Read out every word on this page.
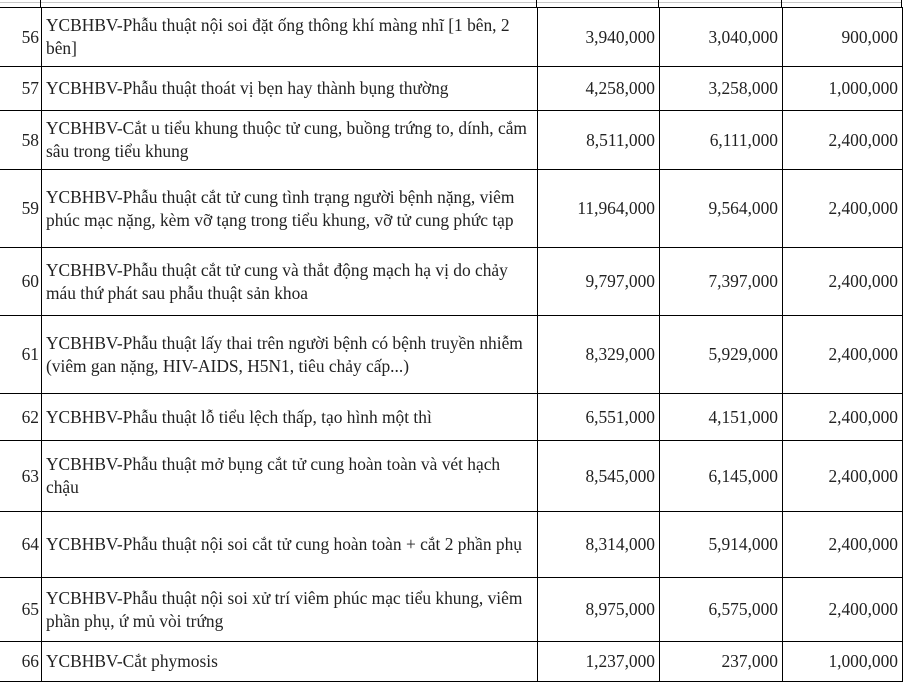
56	YCBHBV-Phẫu thuật nội soi đặt ống thông khí màng nhĩ [1 bên, 2 bên]	3,940,000	3,040,000	900,000
57	YCBHBV-Phẫu thuật thoát vị bẹn hay thành bụng thường	4,258,000	3,258,000	1,000,000
58	YCBHBV-Cắt u tiểu khung thuộc tử cung, buồng trứng to, dính, cắm sâu trong tiểu khung	8,511,000	6,111,000	2,400,000
59	YCBHBV-Phẫu thuật cắt tử cung tình trạng người bệnh nặng, viêm phúc mạc nặng, kèm vỡ tạng trong tiểu khung, vỡ tử cung phức tạp	11,964,000	9,564,000	2,400,000
60	YCBHBV-Phẫu thuật cắt tử cung và thắt động mạch hạ vị do chảy máu thứ phát sau phẫu thuật sản khoa	9,797,000	7,397,000	2,400,000
61	YCBHBV-Phẫu thuật lấy thai trên người bệnh có bệnh truyền nhiễm (viêm gan nặng, HIV-AIDS, H5N1, tiêu chảy cấp...)	8,329,000	5,929,000	2,400,000
62	YCBHBV-Phẫu thuật lỗ tiểu lệch thấp, tạo hình một thì	6,551,000	4,151,000	2,400,000
63	YCBHBV-Phẫu thuật mở bụng cắt tử cung hoàn toàn và vét hạch chậu	8,545,000	6,145,000	2,400,000
64	YCBHBV-Phẫu thuật nội soi cắt tử cung hoàn toàn + cắt 2 phần phụ	8,314,000	5,914,000	2,400,000
65	YCBHBV-Phẫu thuật nội soi xử trí viêm phúc mạc tiểu khung, viêm phần phụ, ứ mủ vòi trứng	8,975,000	6,575,000	2,400,000
66	YCBHBV-Cắt phymosis	1,237,000	237,000	1,000,000
